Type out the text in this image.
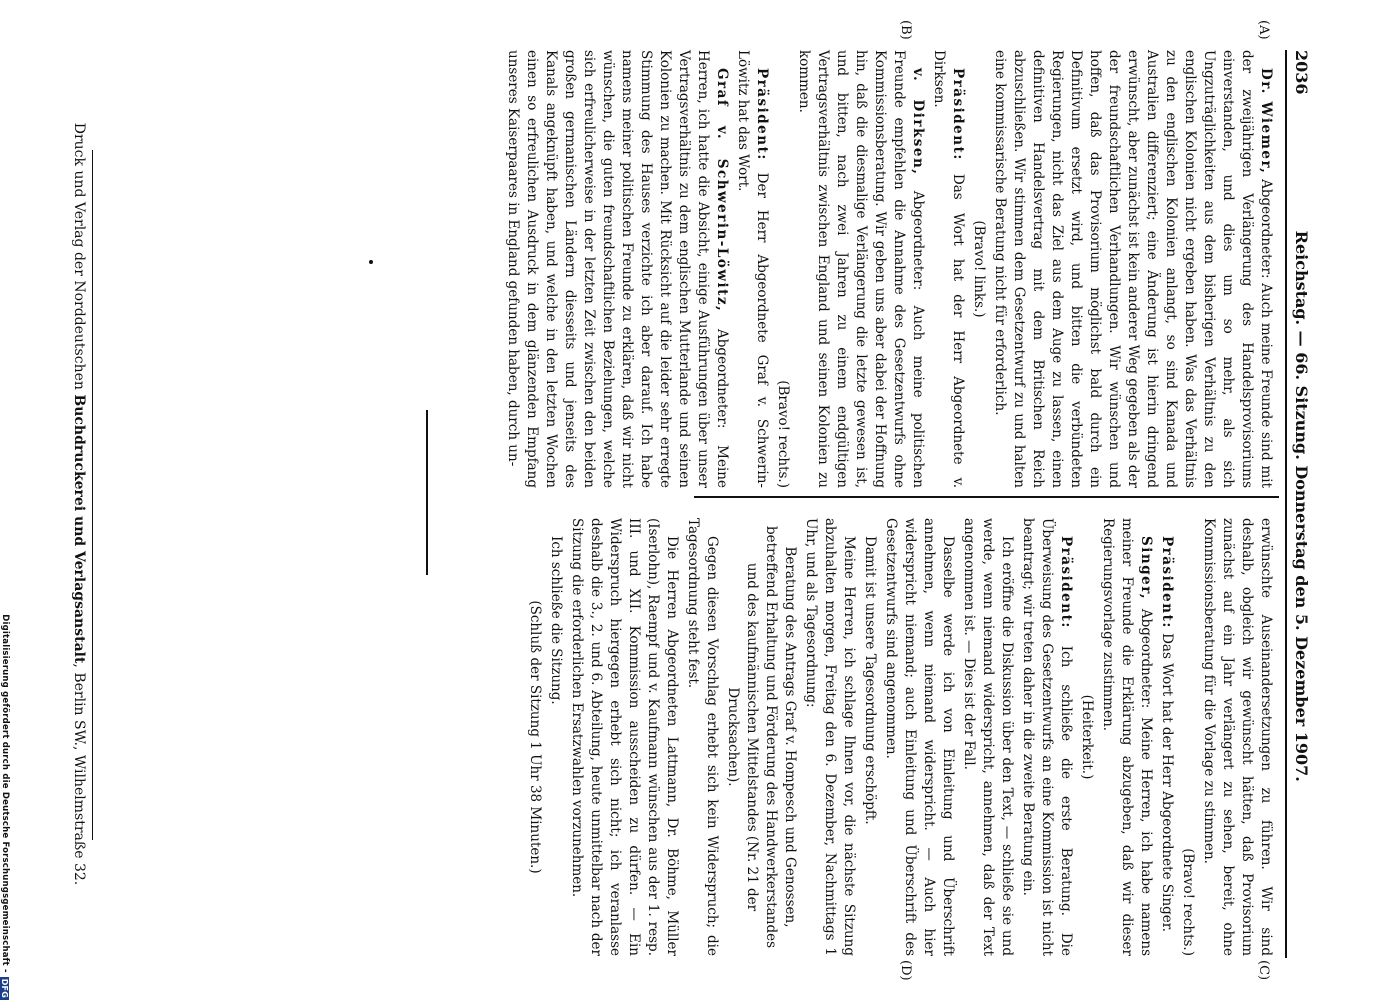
2036
Reichstag. — 66. Sitzung. Donnerstag den 5. Dezember 1907.
(A)
(B)
(C)
(D)

Dr. Wiemer, Abgeordneter: Auch meine Freunde sind mit der zweijährigen Verlängerung des Handelsprovisoriums einverstanden, und dies um so mehr, als sich Ungzuträglichkeiten aus dem bisherigen Verhältnis zu den englischen Kolonien nicht ergeben haben. Was das Verhältnis zu den englischen Kolonien anlangt, so sind Kanada und Australien differenziert; eine Änderung ist hierin dringend erwünscht, aber zunächst ist kein anderer Weg gegeben als der der freundschaftlichen Verhandlungen. Wir wünschen und hoffen, daß das Provisorium möglichst bald durch ein Definitivum ersetzt wird, und bitten die verbündeten Regierungen, nicht das Ziel aus dem Auge zu lassen, einen definitiven Handelsvertrag mit dem Britischen Reich abzuschließen. Wir stimmen dem Gesetzentwurf zu und halten eine kommissarische Beratung nicht für erforderlich.

(Bravo! links.)

Präsident: Das Wort hat der Herr Abgeordnete v. Dirksen.

v. Dirksen, Abgeordneter: Auch meine politischen Freunde empfehlen die Annahme des Gesetzentwurfs ohne Kommissionsberatung. Wir geben uns aber dabei der Hoffnung hin, daß die diesmalige Verlängerung die letzte gewesen ist, und bitten, nach zwei Jahren zu einem endgültigen Vertragsverhältnis zwischen England und seinen Kolonien zu kommen.

(Bravo! rechts.)

Präsident: Der Herr Abgeordnete Graf v. Schwerin-Löwitz hat das Wort.

Graf v. Schwerin-Löwitz, Abgeordneter: Meine Herren, ich hatte die Absicht, einige Ausführungen über unser Vertragsverhältnis zu dem englischen Mutterlande und seinen Kolonien zu machen. Mit Rücksicht auf die leider sehr erregte Stimmung des Hauses verzichte ich aber darauf. Ich habe namens meiner politischen Freunde zu erklären, daß wir nicht wünschen, die guten freundschaftlichen Beziehungen, welche sich erfreulicherweise in der letzten Zeit zwischen den beiden großen germanischen Ländern diesseits und jenseits des Kanals angeknüpft haben, und welche in den letzten Wochen einen so erfreulichen Ausdruck in dem glänzenden Empfang unseres Kaiserpaares in England gefunden haben, durch un-

erwünschte Auseinandersetzungen zu führen. Wir sind deshalb, obgleich wir gewünscht hätten, daß Provisorium zunächst auf ein Jahr verlängert zu sehen, bereit, ohne Kommissionsberatung für die Vorlage zu stimmen.

(Bravo! rechts.)

Präsident: Das Wort hat der Herr Abgeordnete Singer.

Singer, Abgeordneter: Meine Herren, ich habe namens meiner Freunde die Erklärung abzugeben, daß wir dieser Regierungsvorlage zustimmen.

(Heiterkeit.)

Präsident: Ich schließe die erste Beratung. Die Überweisung des Gesetzentwurfs an eine Kommission ist nicht beantragt; wir treten daher in die zweite Beratung ein.

Ich eröffne die Diskussion über den Text, — schließe sie und werde, wenn niemand widerspricht, annehmen, daß der Text angenommen ist. — Dies ist der Fall.

Dasselbe werde ich von Einleitung und Überschrift annehmen, wenn niemand widerspricht. — Auch hier widerspricht niemand; auch Einleitung und Überschrift des Gesetzentwurfs sind angenommen.

Damit ist unsere Tagesordnung erschöpft.

Meine Herren, ich schlage Ihnen vor, die nächste Sitzung abzuhalten morgen, Freitag den 6. Dezember, Nachmittags 1 Uhr, und als Tagesordnung:

Beratung des Antrags Graf v. Hompesch und Genossen, betreffend Erhaltung und Förderung des Handwerkerstandes und des kaufmännischen Mittelstandes (Nr. 21 der Drucksachen).

Gegen diesen Vorschlag erhebt sich kein Widerspruch; die Tagesordnung steht fest.

Die Herren Abgeordneten Lattmann, Dr. Böhme, Müller (Iserlohn), Raempf und v. Kaufmann wünschen aus der 1. resp. III. und XII. Kommission ausscheiden zu dürfen. — Ein Widerspruch hiergegen erhebt sich nicht; ich veranlasse deshalb die 3., 2. und 6. Abteilung, heute unmittelbar nach der Sitzung die erforderlichen Ersatzwahlen vorzunehmen.

Ich schließe die Sitzung.

(Schluß der Sitzung 1 Uhr 38 Minuten.)

Druck und Verlag der Norddeutschen Buchdruckerei und Verlagsanstalt, Berlin SW., Wilhelmstraße 32.
Digitalisierung gefördert durch die Deutsche Forschungsgemeinschaft -
DFG
